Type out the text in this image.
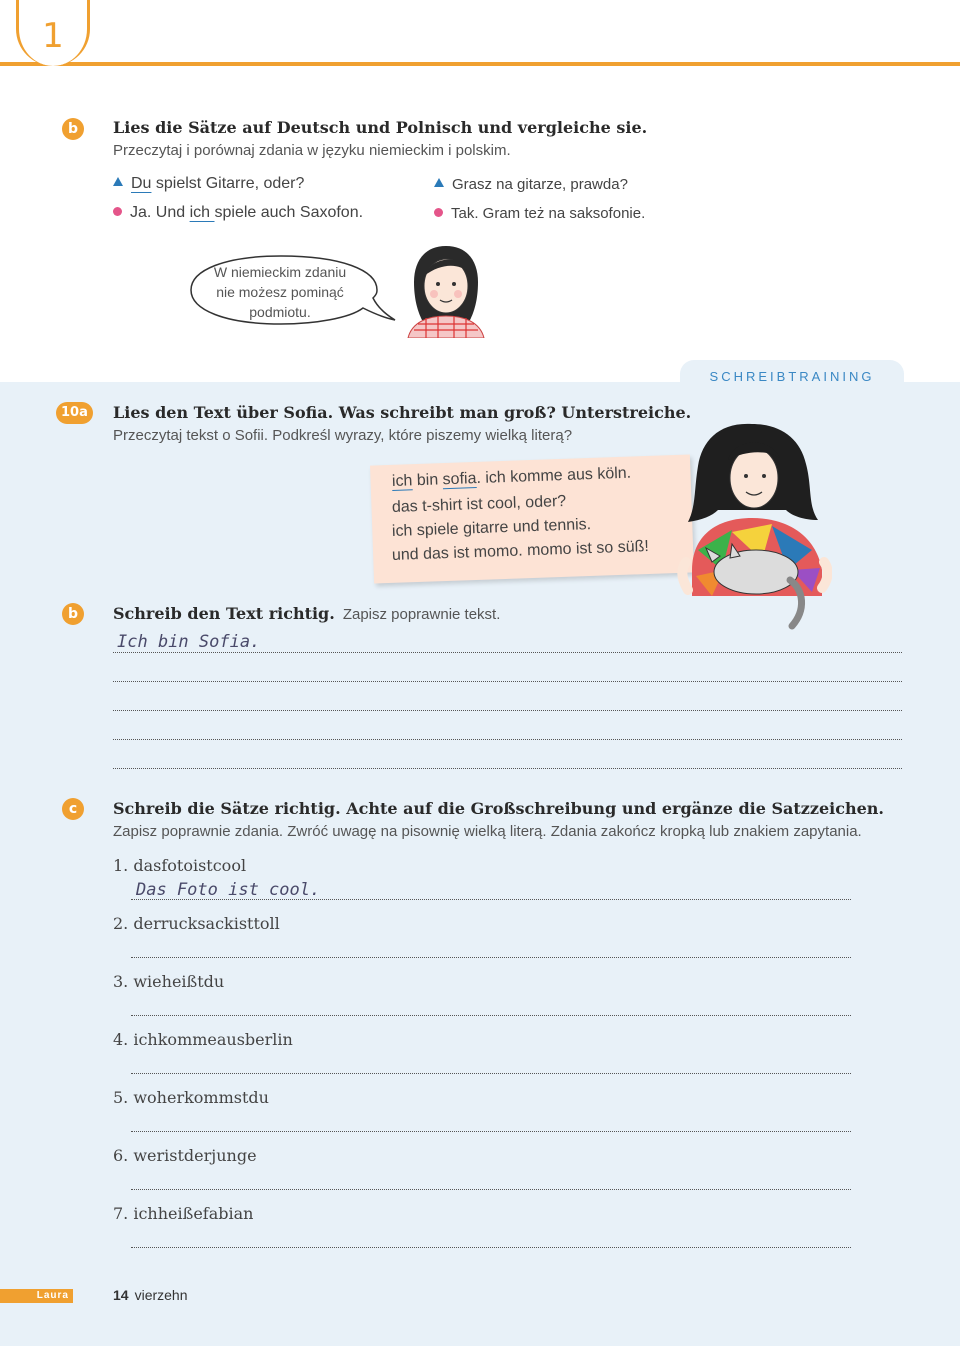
1
b	Lies die Sätze auf Deutsch und Polnisch und vergleiche sie.
Przeczytaj i porównaj zdania w języku niemieckim i polskim.
Du spielst Gitarre, oder?
Ja. Und ich spiele auch Saxofon.
Grasz na gitarze, prawda?
Tak. Gram też na saksofonie.
W niemieckim zdaniu
nie możesz pominąć
podmiotu.
SCHREIBTRAINING
10a	Lies den Text über Sofia. Was schreibt man groß? Unterstreiche.
Przeczytaj tekst o Sofii. Podkreśl wyrazy, które piszemy wielką literą?
ich bin sofia. ich komme aus köln.
das t-shirt ist cool, oder?
ich spiele gitarre und tennis.
und das ist momo. momo ist so süß!
b	Schreib den Text richtig. Zapisz poprawnie tekst.
Ich bin Sofia.
c	Schreib die Sätze richtig. Achte auf die Großschreibung und ergänze die Satzzeichen.
Zapisz poprawnie zdania. Zwróć uwagę na pisownię wielką literą. Zdania zakończ kropką lub znakiem zapytania.
1. dasfotoistcool
Das Foto ist cool.
2. derrucksackisttoll
3. wieheißtdu
4. ichkommeausberlin
5. woherkommstdu
6. weristderjunge
7. ichheißefabian
Laura	14 vierzehn
